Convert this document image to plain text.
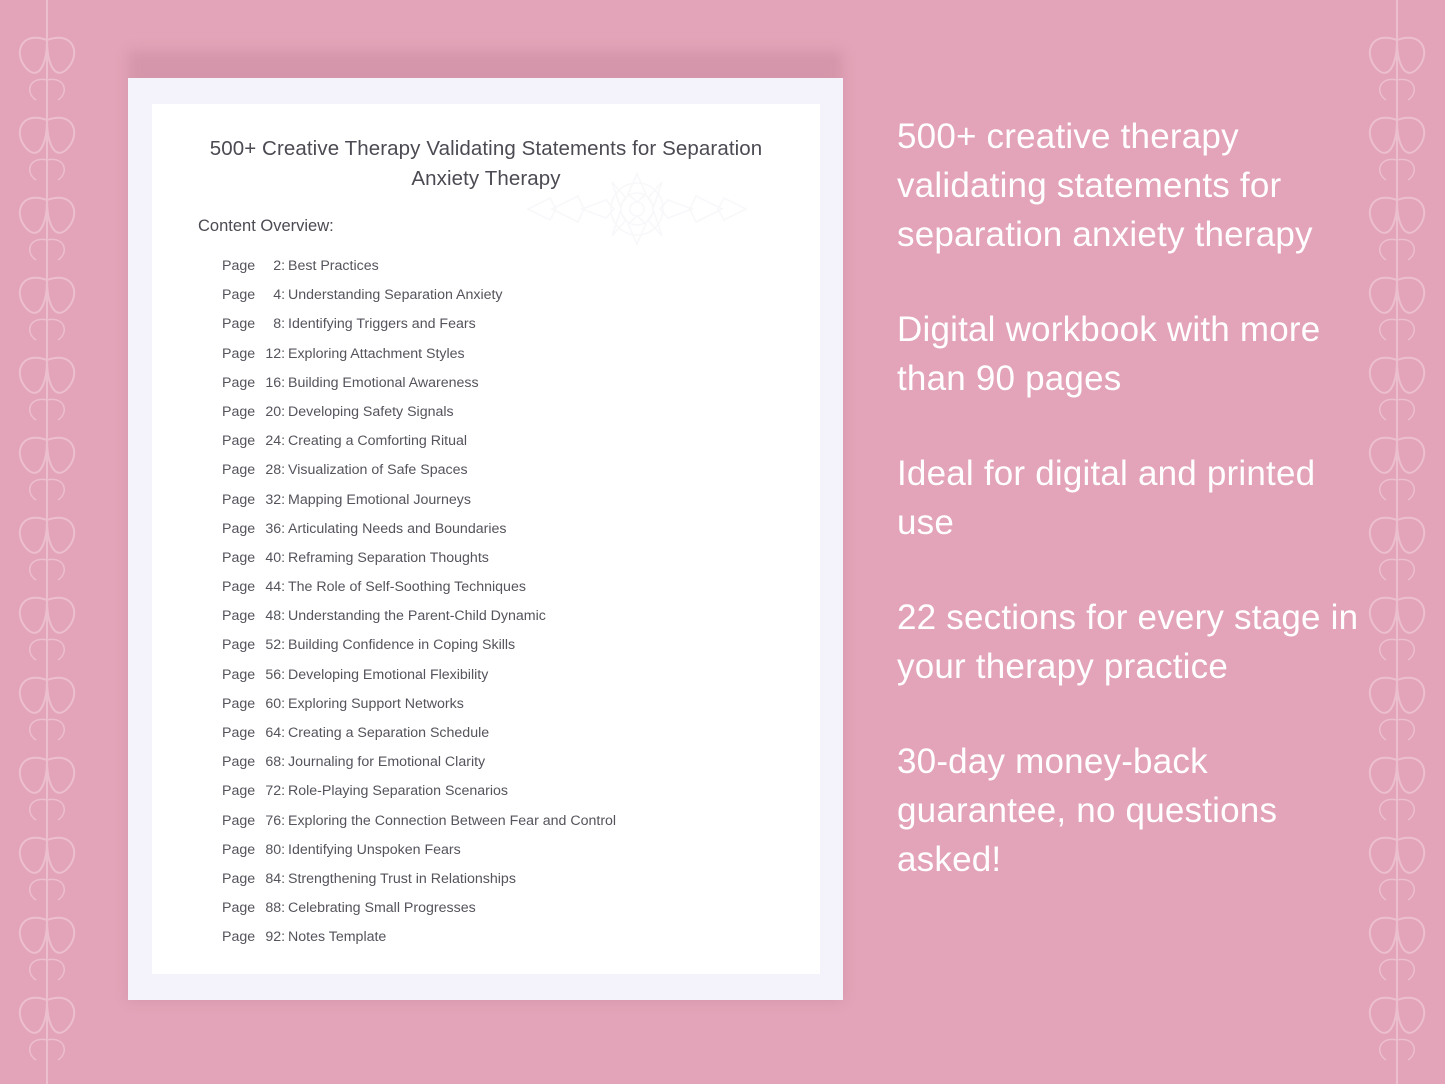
500+ Creative Therapy Validating Statements for Separation Anxiety Therapy
Content Overview:
Page 2: Best Practices
Page 4: Understanding Separation Anxiety
Page 8: Identifying Triggers and Fears
Page 12: Exploring Attachment Styles
Page 16: Building Emotional Awareness
Page 20: Developing Safety Signals
Page 24: Creating a Comforting Ritual
Page 28: Visualization of Safe Spaces
Page 32: Mapping Emotional Journeys
Page 36: Articulating Needs and Boundaries
Page 40: Reframing Separation Thoughts
Page 44: The Role of Self-Soothing Techniques
Page 48: Understanding the Parent-Child Dynamic
Page 52: Building Confidence in Coping Skills
Page 56: Developing Emotional Flexibility
Page 60: Exploring Support Networks
Page 64: Creating a Separation Schedule
Page 68: Journaling for Emotional Clarity
Page 72: Role-Playing Separation Scenarios
Page 76: Exploring the Connection Between Fear and Control
Page 80: Identifying Unspoken Fears
Page 84: Strengthening Trust in Relationships
Page 88: Celebrating Small Progresses
Page 92: Notes Template

500+ creative therapy validating statements for separation anxiety therapy

Digital workbook with more than 90 pages

Ideal for digital and printed use

22 sections for every stage in your therapy practice

30-day money-back guarantee, no questions asked!
